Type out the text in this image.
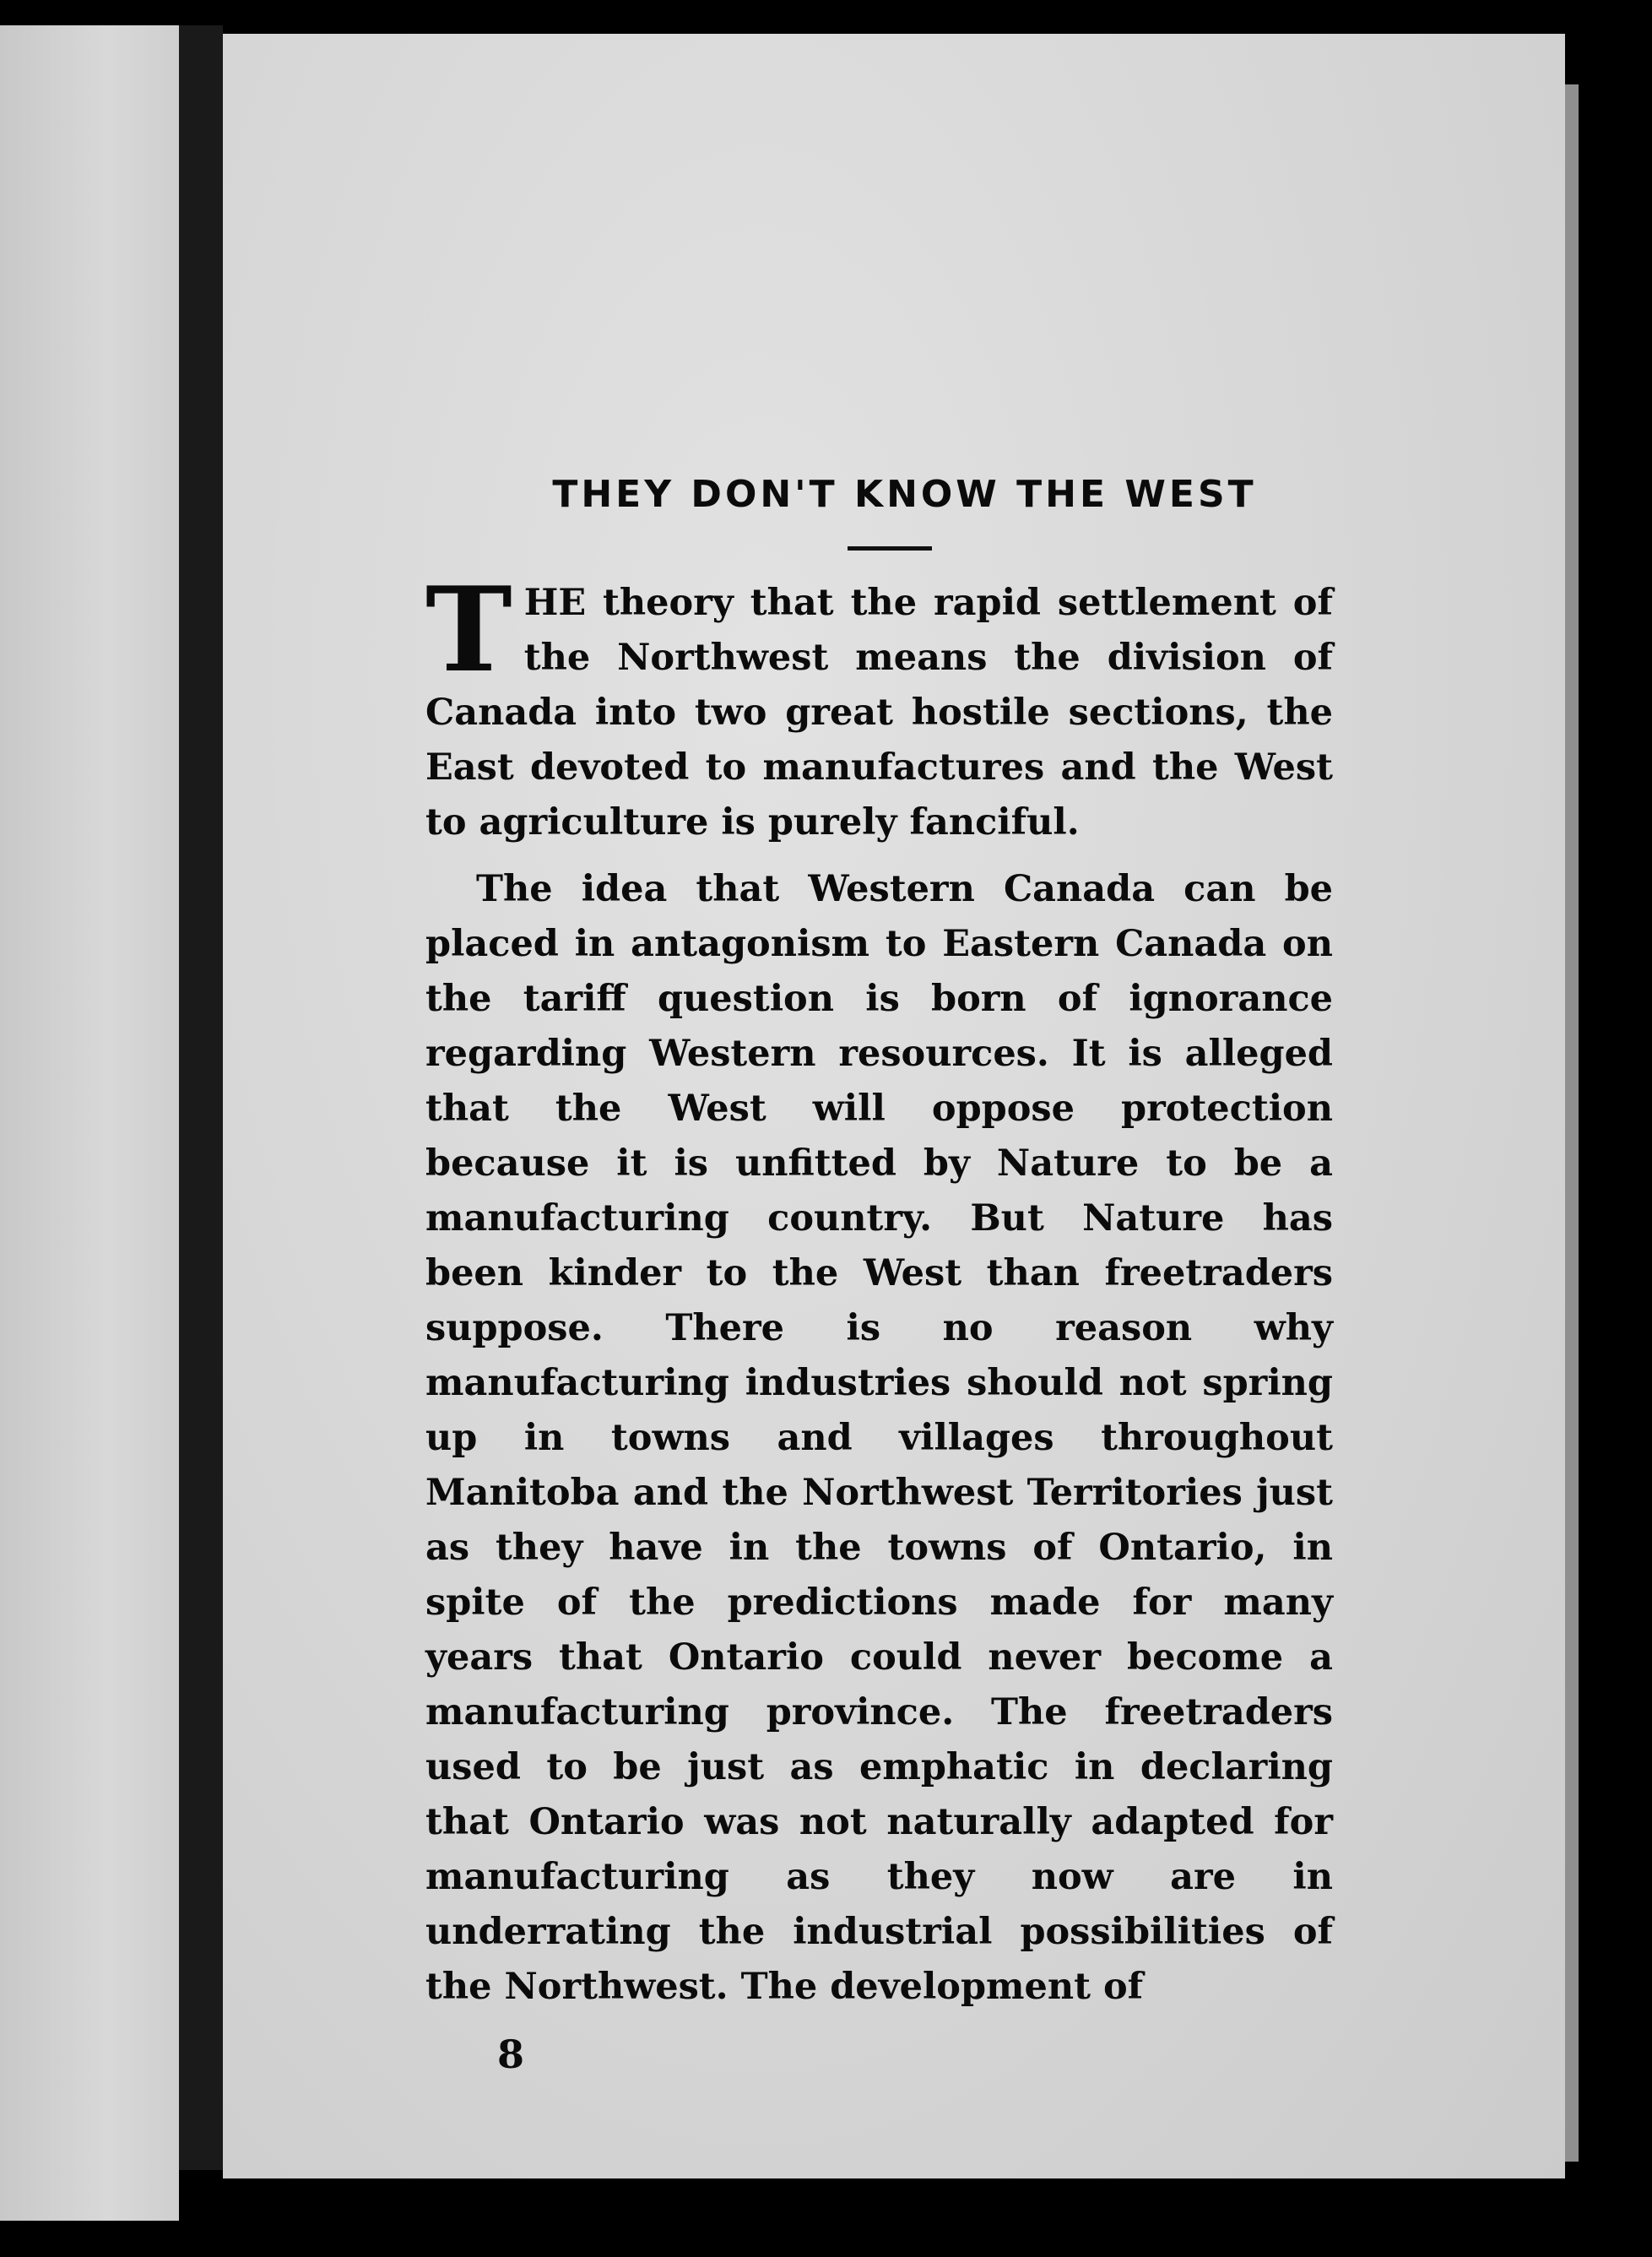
THEY DON'T KNOW THE WEST

THE theory that the rapid settlement of the Northwest means the division of Canada into two great hostile sections, the East devoted to manufactures and the West to agriculture is purely fanciful.

The idea that Western Canada can be placed in antagonism to Eastern Canada on the tariff question is born of ignorance regarding Western resources. It is alleged that the West will oppose protection because it is unfitted by Nature to be a manufacturing country. But Nature has been kinder to the West than freetraders suppose. There is no reason why manufacturing industries should not spring up in towns and villages throughout Manitoba and the Northwest Territories just as they have in the towns of Ontario, in spite of the predictions made for many years that Ontario could never become a manufacturing province. The freetraders used to be just as emphatic in declaring that Ontario was not naturally adapted for manufacturing as they now are in underrating the industrial possibilities of the Northwest. The development of

8
